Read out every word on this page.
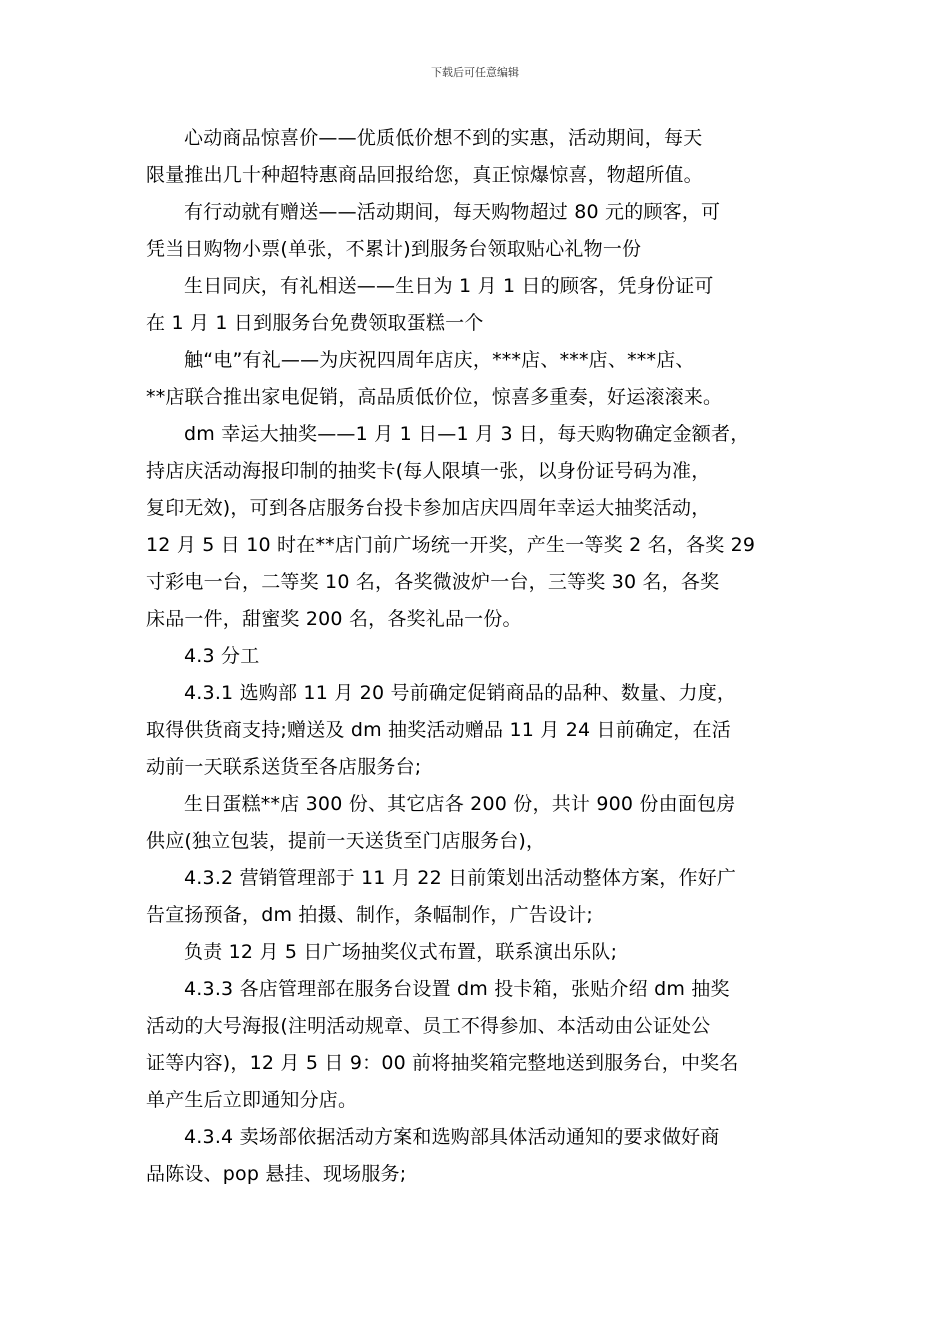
下载后可任意编辑

心动商品惊喜价——优质低价想不到的实惠，活动期间，每天
限量推出几十种超特惠商品回报给您，真正惊爆惊喜，物超所值。

有行动就有赠送——活动期间，每天购物超过 80 元的顾客，可
凭当日购物小票(单张，不累计)到服务台领取贴心礼物一份

生日同庆，有礼相送——生日为 1 月 1 日的顾客，凭身份证可
在 1 月 1 日到服务台免费领取蛋糕一个

触“电”有礼——为庆祝四周年店庆，***店、***店、***店、
**店联合推出家电促销，高品质低价位，惊喜多重奏，好运滚滚来。

dm 幸运大抽奖——1 月 1 日—1 月 3 日，每天购物确定金额者，
持店庆活动海报印制的抽奖卡(每人限填一张，以身份证号码为准，
复印无效)，可到各店服务台投卡参加店庆四周年幸运大抽奖活动，
12 月 5 日 10 时在**店门前广场统一开奖，产生一等奖 2 名，各奖 29
寸彩电一台，二等奖 10 名，各奖微波炉一台，三等奖 30 名，各奖
床品一件，甜蜜奖 200 名，各奖礼品一份。

4.3 分工

4.3.1 选购部 11 月 20 号前确定促销商品的品种、数量、力度，
取得供货商支持;赠送及 dm 抽奖活动赠品 11 月 24 日前确定，在活
动前一天联系送货至各店服务台;

生日蛋糕**店 300 份、其它店各 200 份，共计 900 份由面包房
供应(独立包装，提前一天送货至门店服务台)，

4.3.2 营销管理部于 11 月 22 日前策划出活动整体方案，作好广
告宣扬预备，dm 拍摄、制作，条幅制作，广告设计;

负责 12 月 5 日广场抽奖仪式布置，联系演出乐队;

4.3.3 各店管理部在服务台设置 dm 投卡箱，张贴介绍 dm 抽奖
活动的大号海报(注明活动规章、员工不得参加、本活动由公证处公
证等内容)，12 月 5 日 9：00 前将抽奖箱完整地送到服务台，中奖名
单产生后立即通知分店。

4.3.4 卖场部依据活动方案和选购部具体活动通知的要求做好商
品陈设、pop 悬挂、现场服务;
